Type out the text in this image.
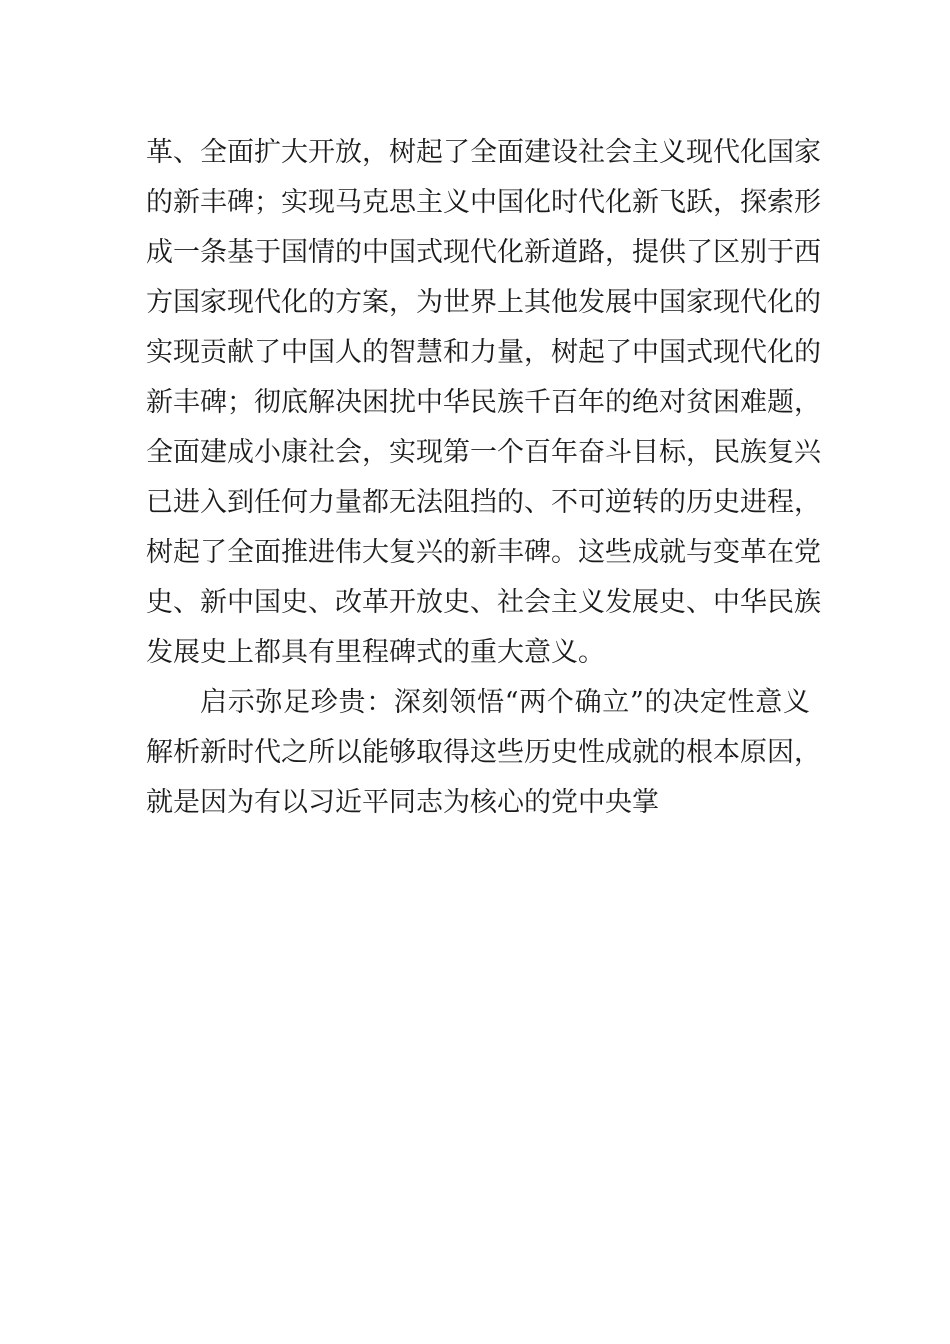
革、全面扩大开放，树起了全面建设社会主义现代化国家
的新丰碑；实现马克思主义中国化时代化新飞跃，探索形
成一条基于国情的中国式现代化新道路，提供了区别于西
方国家现代化的方案，为世界上其他发展中国家现代化的
实现贡献了中国人的智慧和力量，树起了中国式现代化的
新丰碑；彻底解决困扰中华民族千百年的绝对贫困难题，
全面建成小康社会，实现第一个百年奋斗目标，民族复兴
已进入到任何力量都无法阻挡的、不可逆转的历史进程，
树起了全面推进伟大复兴的新丰碑。这些成就与变革在党
史、新中国史、改革开放史、社会主义发展史、中华民族
发展史上都具有里程碑式的重大意义。
启示弥足珍贵：深刻领悟“两个确立”的决定性意义
解析新时代之所以能够取得这些历史性成就的根本原因，
就是因为有以习近平同志为核心的党中央掌
